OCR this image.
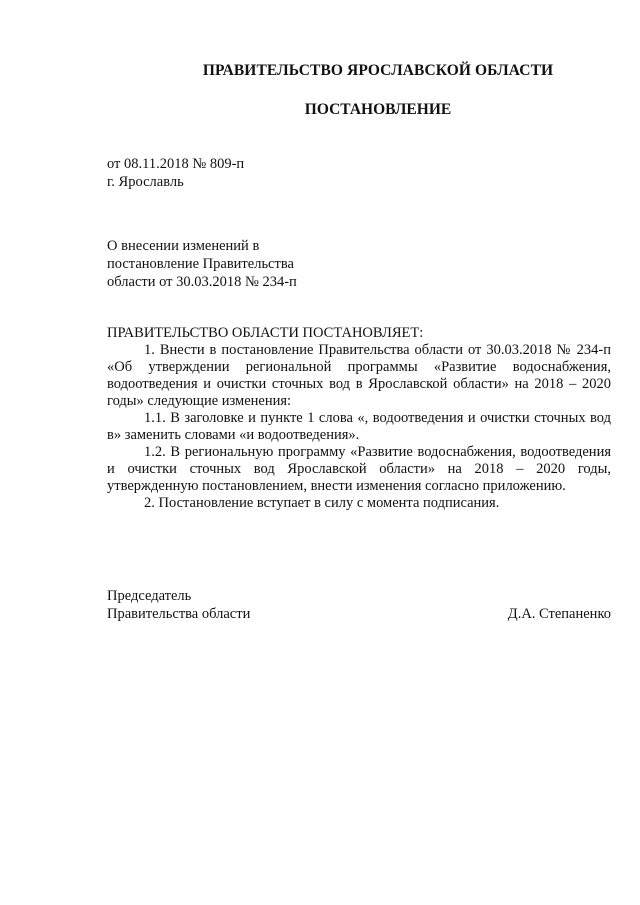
ПРАВИТЕЛЬСТВО ЯРОСЛАВСКОЙ ОБЛАСТИ
ПОСТАНОВЛЕНИЕ
от 08.11.2018 № 809-п
г. Ярославль
О внесении изменений в
постановление Правительства
области от 30.03.2018 № 234-п

ПРАВИТЕЛЬСТВО ОБЛАСТИ ПОСТАНОВЛЯЕТ:

1. Внести в постановление Правительства области от 30.03.2018 № 234-п «Об утверждении региональной программы «Развитие водоснабжения, водоотведения и очистки сточных вод в Ярославской области» на 2018 – 2020 годы» следующие изменения:

1.1. В заголовке и пункте 1 слова «, водоотведения и очистки сточных вод в» заменить словами «и водоотведения».

1.2. В региональную программу «Развитие водоснабжения, водоотведения и очистки сточных вод Ярославской области» на 2018 – 2020 годы, утвержденную постановлением, внести изменения согласно приложению.

2. Постановление вступает в силу с момента подписания.

Председатель
Правительства области	Д.А. Степаненко
